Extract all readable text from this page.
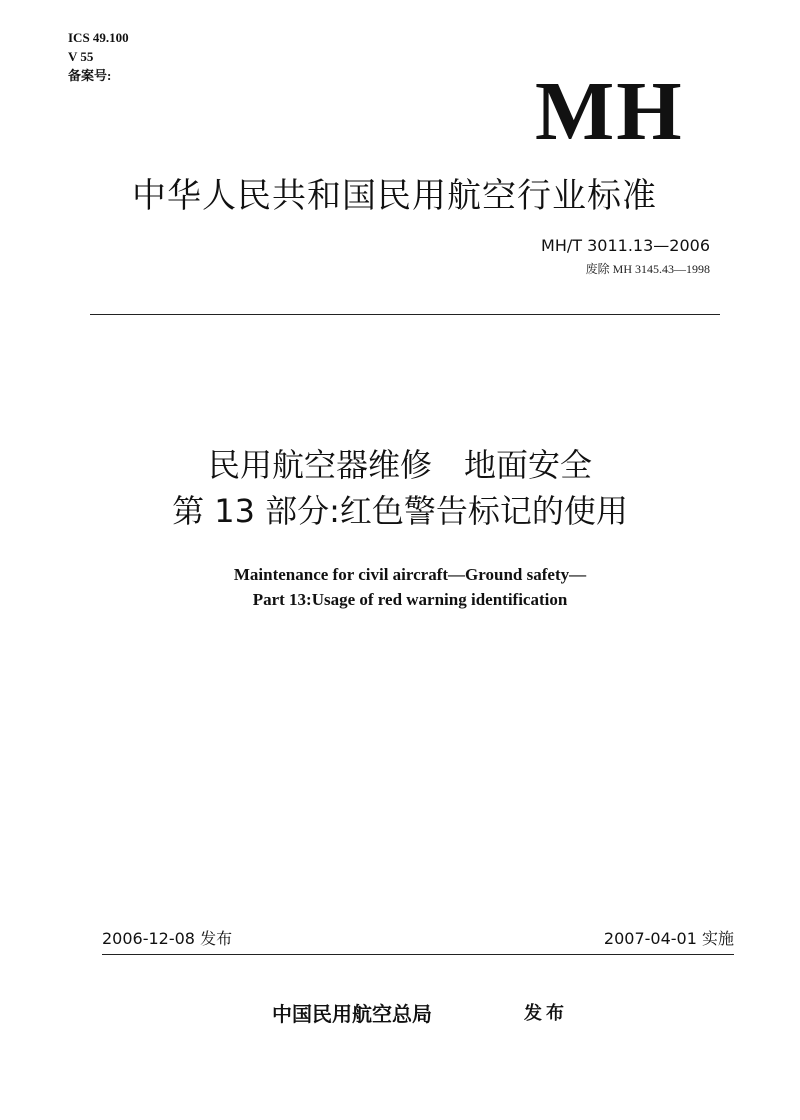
ICS 49.100
V 55
备案号:	MH
中华人民共和国民用航空行业标准
MH/T 3011.13—2006
废除 MH 3145.43—1998
民用航空器维修　地面安全
第 13 部分:红色警告标记的使用
Maintenance for civil aircraft—Ground safety—
Part 13:Usage of red warning identification
2006-12-08 发布	2007-04-01 实施
中国民用航空总局	发布
